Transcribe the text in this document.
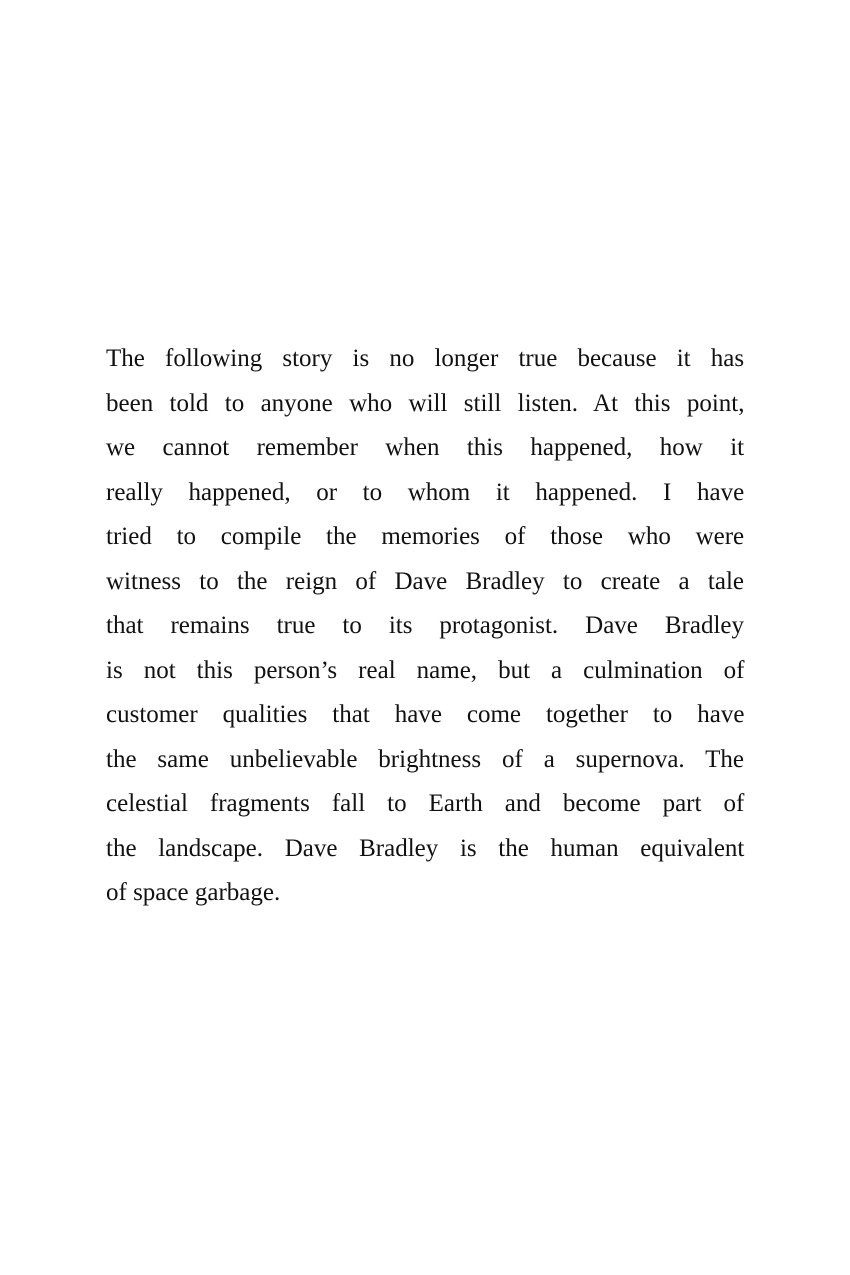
The following story is no longer true because it has
been told to anyone who will still listen. At this point,
we cannot remember when this happened, how it
really happened, or to whom it happened. I have
tried to compile the memories of those who were
witness to the reign of Dave Bradley to create a tale
that remains true to its protagonist. Dave Bradley
is not this person’s real name, but a culmination of
customer qualities that have come together to have
the same unbelievable brightness of a supernova. The
celestial fragments fall to Earth and become part of
the landscape. Dave Bradley is the human equivalent
of space garbage.
